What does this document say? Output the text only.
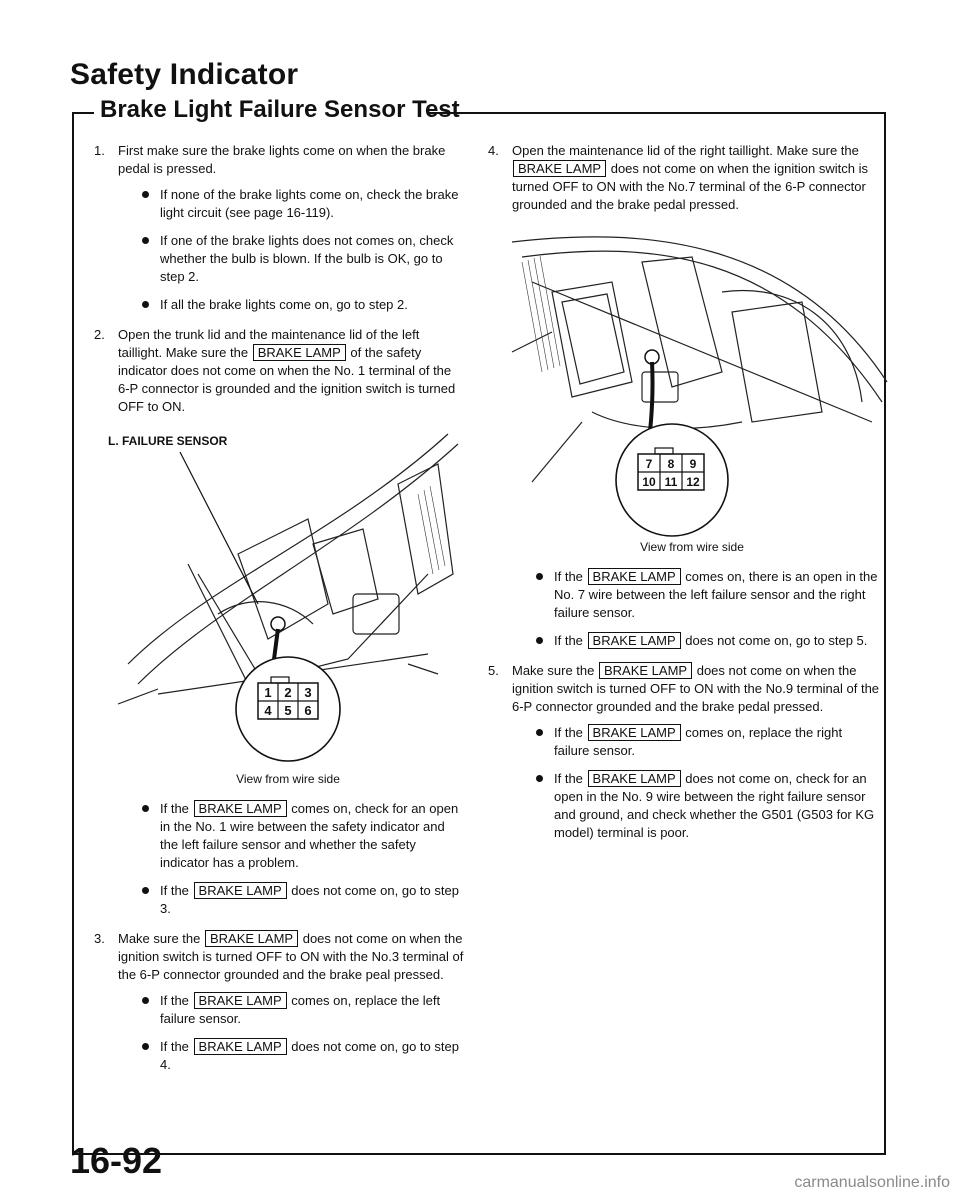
Safety Indicator
Brake Light Failure Sensor Test
1. First make sure the brake lights come on when the brake pedal is pressed.
If none of the brake lights come on, check the brake light circuit (see page 16-119).
If one of the brake lights does not comes on, check whether the bulb is blown. If the bulb is OK, go to step 2.
If all the brake lights come on, go to step 2.
2. Open the trunk lid and the maintenance lid of the left taillight. Make sure the BRAKE LAMP of the safety indicator does not come on when the No. 1 terminal of the 6-P connector is grounded and the ignition switch is turned OFF to ON.
L. FAILURE SENSOR
1 2 3
4 5 6
View from wire side
If the BRAKE LAMP comes on, check for an open in the No. 1 wire between the safety indicator and the left failure sensor and whether the safety indicator has a problem.
If the BRAKE LAMP does not come on, go to step 3.
3. Make sure the BRAKE LAMP does not come on when the ignition switch is turned OFF to ON with the No.3 terminal of the 6-P connector grounded and the brake peal pressed.
If the BRAKE LAMP comes on, replace the left failure sensor.
If the BRAKE LAMP does not come on, go to step 4.
4. Open the maintenance lid of the right taillight. Make sure the BRAKE LAMP does not come on when the ignition switch is turned OFF to ON with the No.7 terminal of the 6-P connector grounded and the brake pedal pressed.
7 8 9
10 11 12
View from wire side
If the BRAKE LAMP comes on, there is an open in the No. 7 wire between the left failure sensor and the right failure sensor.
If the BRAKE LAMP does not come on, go to step 5.
5. Make sure the BRAKE LAMP does not come on when the ignition switch is turned OFF to ON with the No.9 terminal of the 6-P connector grounded and the brake pedal pressed.
If the BRAKE LAMP comes on, replace the right failure sensor.
If the BRAKE LAMP does not come on, check for an open in the No. 9 wire between the right failure sensor and ground, and check whether the G501 (G503 for KG model) terminal is poor.
16-92
carmanualsonline.info
